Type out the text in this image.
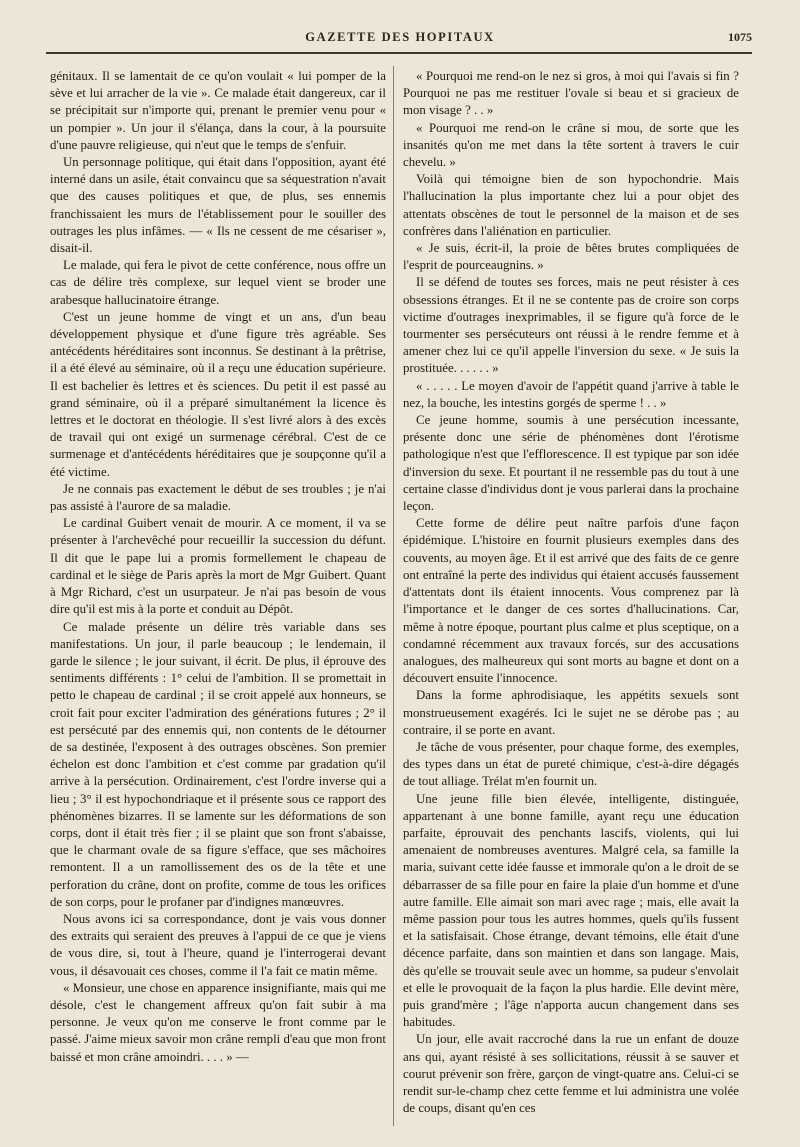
GAZETTE DES HOPITAUX	1075

génitaux. Il se lamentait de ce qu'on voulait « lui pomper de la sève et lui arracher de la vie ». Ce malade était dangereux, car il se précipitait sur n'importe qui, prenant le premier venu pour « un pompier ». Un jour il s'élança, dans la cour, à la poursuite d'une pauvre religieuse, qui n'eut que le temps de s'enfuir.

Un personnage politique, qui était dans l'opposition, ayant été interné dans un asile, était convaincu que sa séquestration n'avait que des causes politiques et que, de plus, ses ennemis franchissaient les murs de l'établissement pour le souiller des outrages les plus infâmes. — « Ils ne cessent de me césariser », disait-il.

Le malade, qui fera le pivot de cette conférence, nous offre un cas de délire très complexe, sur lequel vient se broder une arabesque hallucinatoire étrange.

C'est un jeune homme de vingt et un ans, d'un beau développement physique et d'une figure très agréable. Ses antécédents héréditaires sont inconnus. Se destinant à la prêtrise, il a été élevé au séminaire, où il a reçu une éducation supérieure. Il est bachelier ès lettres et ès sciences. Du petit il est passé au grand séminaire, où il a préparé simultanément la licence ès lettres et le doctorat en théologie. Il s'est livré alors à des excès de travail qui ont exigé un surmenage cérébral. C'est de ce surmenage et d'antécédents héréditaires que je soupçonne qu'il a été victime.

Je ne connais pas exactement le début de ses troubles ; je n'ai pas assisté à l'aurore de sa maladie.

Le cardinal Guibert venait de mourir. A ce moment, il va se présenter à l'archevêché pour recueillir la succession du défunt. Il dit que le pape lui a promis formellement le chapeau de cardinal et le siège de Paris après la mort de Mgr Guibert. Quant à Mgr Richard, c'est un usurpateur. Je n'ai pas besoin de vous dire qu'il est mis à la porte et conduit au Dépôt.

Ce malade présente un délire très variable dans ses manifestations. Un jour, il parle beaucoup ; le lendemain, il garde le silence ; le jour suivant, il écrit. De plus, il éprouve des sentiments différents : 1° celui de l'ambition. Il se promettait in petto le chapeau de cardinal ; il se croit appelé aux honneurs, se croit fait pour exciter l'admiration des générations futures ; 2° il est persécuté par des ennemis qui, non contents de le détourner de sa destinée, l'exposent à des outrages obscènes. Son premier échelon est donc l'ambition et c'est comme par gradation qu'il arrive à la persécution. Ordinairement, c'est l'ordre inverse qui a lieu ; 3° il est hypochondriaque et il présente sous ce rapport des phénomènes bizarres. Il se lamente sur les déformations de son corps, dont il était très fier ; il se plaint que son front s'abaisse, que le charmant ovale de sa figure s'efface, que ses mâchoires remontent. Il a un ramollissement des os de la tête et une perforation du crâne, dont on profite, comme de tous les orifices de son corps, pour le profaner par d'indignes manœuvres.

Nous avons ici sa correspondance, dont je vais vous donner des extraits qui seraient des preuves à l'appui de ce que je viens de vous dire, si, tout à l'heure, quand je l'interrogerai devant vous, il désavouait ces choses, comme il l'a fait ce matin même.

« Monsieur, une chose en apparence insignifiante, mais qui me désole, c'est le changement affreux qu'on fait subir à ma personne. Je veux qu'on me conserve le front comme par le passé. J'aime mieux savoir mon crâne rempli d'eau que mon front baissé et mon crâne amoindri. . . . » —

« Pourquoi me rend-on le nez si gros, à moi qui l'avais si fin ? Pourquoi ne pas me restituer l'ovale si beau et si gracieux de mon visage ? . . »

« Pourquoi me rend-on le crâne si mou, de sorte que les insanités qu'on me met dans la tête sortent à travers le cuir chevelu. »

Voilà qui témoigne bien de son hypochondrie. Mais l'hallucination la plus importante chez lui a pour objet des attentats obscènes de tout le personnel de la maison et de ses confrères dans l'aliénation en particulier.

« Je suis, écrit-il, la proie de bêtes brutes compliquées de l'esprit de pourceaugnins. »

Il se défend de toutes ses forces, mais ne peut résister à ces obsessions étranges. Et il ne se contente pas de croire son corps victime d'outrages inexprimables, il se figure qu'à force de le tourmenter ses persécuteurs ont réussi à le rendre femme et à amener chez lui ce qu'il appelle l'inversion du sexe. « Je suis la prostituée. . . . . . »

« . . . . . Le moyen d'avoir de l'appétit quand j'arrive à table le nez, la bouche, les intestins gorgés de sperme ! . . »

Ce jeune homme, soumis à une persécution incessante, présente donc une série de phénomènes dont l'érotisme pathologique n'est que l'efflorescence. Il est typique par son idée d'inversion du sexe. Et pourtant il ne ressemble pas du tout à une certaine classe d'individus dont je vous parlerai dans la prochaine leçon.

Cette forme de délire peut naître parfois d'une façon épidémique. L'histoire en fournit plusieurs exemples dans des couvents, au moyen âge. Et il est arrivé que des faits de ce genre ont entraîné la perte des individus qui étaient accusés faussement d'attentats dont ils étaient innocents. Vous comprenez par là l'importance et le danger de ces sortes d'hallucinations. Car, même à notre époque, pourtant plus calme et plus sceptique, on a condamné récemment aux travaux forcés, sur des accusations analogues, des malheureux qui sont morts au bagne et dont on a découvert ensuite l'innocence.

Dans la forme aphrodisiaque, les appétits sexuels sont monstrueusement exagérés. Ici le sujet ne se dérobe pas ; au contraire, il se porte en avant.

Je tâche de vous présenter, pour chaque forme, des exemples, des types dans un état de pureté chimique, c'est-à-dire dégagés de tout alliage. Trélat m'en fournit un.

Une jeune fille bien élevée, intelligente, distinguée, appartenant à une bonne famille, ayant reçu une éducation parfaite, éprouvait des penchants lascifs, violents, qui lui amenaient de nombreuses aventures. Malgré cela, sa famille la maria, suivant cette idée fausse et immorale qu'on a le droit de se débarrasser de sa fille pour en faire la plaie d'un homme et d'une autre famille. Elle aimait son mari avec rage ; mais, elle avait la même passion pour tous les autres hommes, quels qu'ils fussent et la satisfaisait. Chose étrange, devant témoins, elle était d'une décence parfaite, dans son maintien et dans son langage. Mais, dès qu'elle se trouvait seule avec un homme, sa pudeur s'envolait et elle le provoquait de la façon la plus hardie. Elle devint mère, puis grand'mère ; l'âge n'apporta aucun changement dans ses habitudes.

Un jour, elle avait raccroché dans la rue un enfant de douze ans qui, ayant résisté à ses sollicitations, réussit à se sauver et courut prévenir son frère, garçon de vingt-quatre ans. Celui-ci se rendit sur-le-champ chez cette femme et lui administra une volée de coups, disant qu'en ces
